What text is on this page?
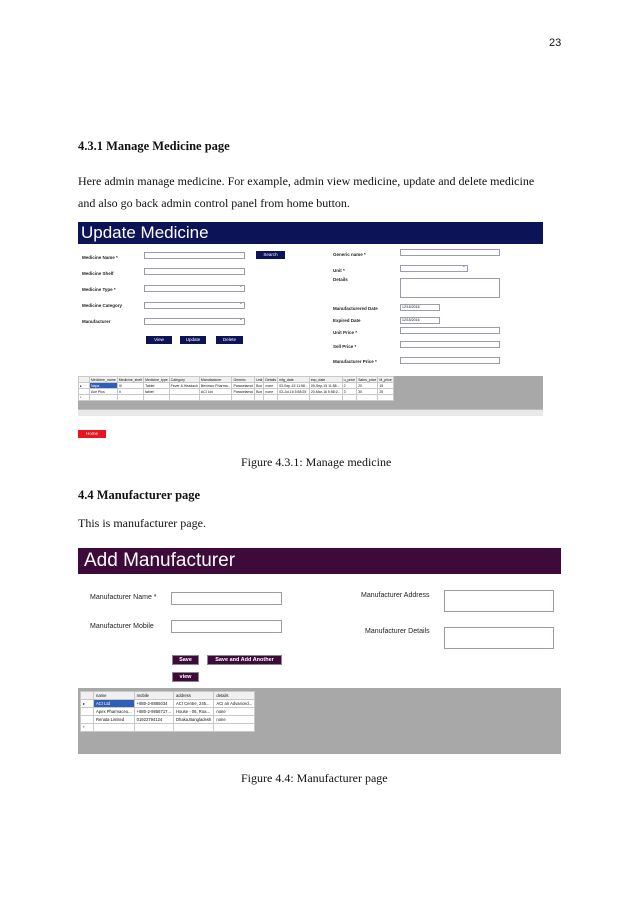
23
4.3.1 Manage Medicine page
Here admin manage medicine. For example, admin view medicine, update and delete medicine
and also go back admin control panel from home button.
Update Medicine
Medicine Name *
Search
Medicine Shelf
Medicine Type *
⌄
Medicine Category
⌄
Manufacturer
⌄
View	Update	Delete
Generic name *
Unit *
⌄
Details
Manufacturered Date	12/15/2016
Expired Date	12/15/2016
Unit Price *
Sell Price *
Manufacturer Price *
	Medicine_name	Medicine_shelf	Medicine_type	Category	Manufacturer	Generic	Unit	Details	mfg_date	exp_date	u_price	Sales_price	M_price
▸	Napa	III	Tablet	Fever & Headach	Beximco Pharma...	Paracetamol	Box	none	03-Sep-15 11:58...	09-Sep-15 11:58...	2	20	15
	Ace Plus	II	tablet		ACI Ltd	Paracetamol	Box	none	03-Jul-16 5:58:25	20-Mar-16 5:58:2...	3	30	25
*													
Home
Figure 4.3.1: Manage medicine
4.4 Manufacturer page
This is manufacturer page.
Add Manufacturer
Manufacturer Name *
Manufacturer Mobile
Manufacturer Address
Manufacturer Details
Save	Save and Add Another
view
	name	mobile	address	details
▸	ACI Ltd	+880-2-8885034	ACI Centre, 245...	ACI an Advanced...
	Apex Pharmaceu...	+880-2-9856717...	House - 06, Roa...	none
	Renata Limited	01922794124	Dhaka,Bangladesh	none
*				
Figure 4.4: Manufacturer page
